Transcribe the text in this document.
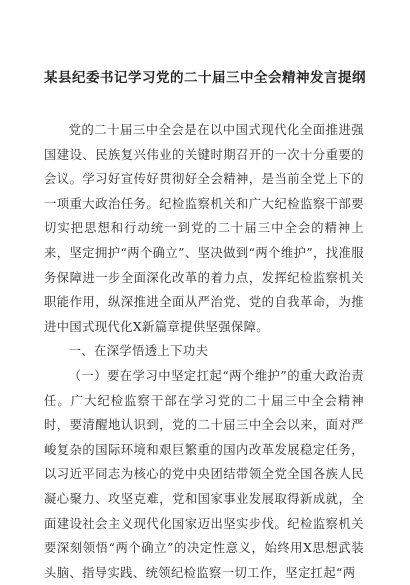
某县纪委书记学习党的二十届三中全会精神发言提纲

党的二十届三中全会是在以中国式现代化全面推进强国建设、民族复兴伟业的关键时期召开的一次十分重要的会议。学习好宣传好贯彻好全会精神，是当前全党上下的一项重大政治任务。纪检监察机关和广大纪检监察干部要切实把思想和行动统一到党的二十届三中全会的精神上来，坚定拥护“两个确立”、坚决做到“两个维护”，找准服务保障进一步全面深化改革的着力点，发挥纪检监察机关职能作用，纵深推进全面从严治党、党的自我革命，为推进中国式现代化X新篇章提供坚强保障。

一、在深学悟透上下功夫

（一）要在学习中坚定扛起“两个维护”的重大政治责任。广大纪检监察干部在学习党的二十届三中全会精神时，要清醒地认识到，党的二十届三中全会以来，面对严峻复杂的国际环境和艰巨繁重的国内改革发展稳定任务，以习近平同志为核心的党中央团结带领全党全国各族人民凝心聚力、攻坚克难，党和国家事业发展取得新成就，全面建设社会主义现代化国家迈出坚实步伐。纪检监察机关要深刻领悟“两个确立”的决定性意义，始终用X思想武装头脑、指导实践、统领纪检监察一切工作，坚定扛起“两
